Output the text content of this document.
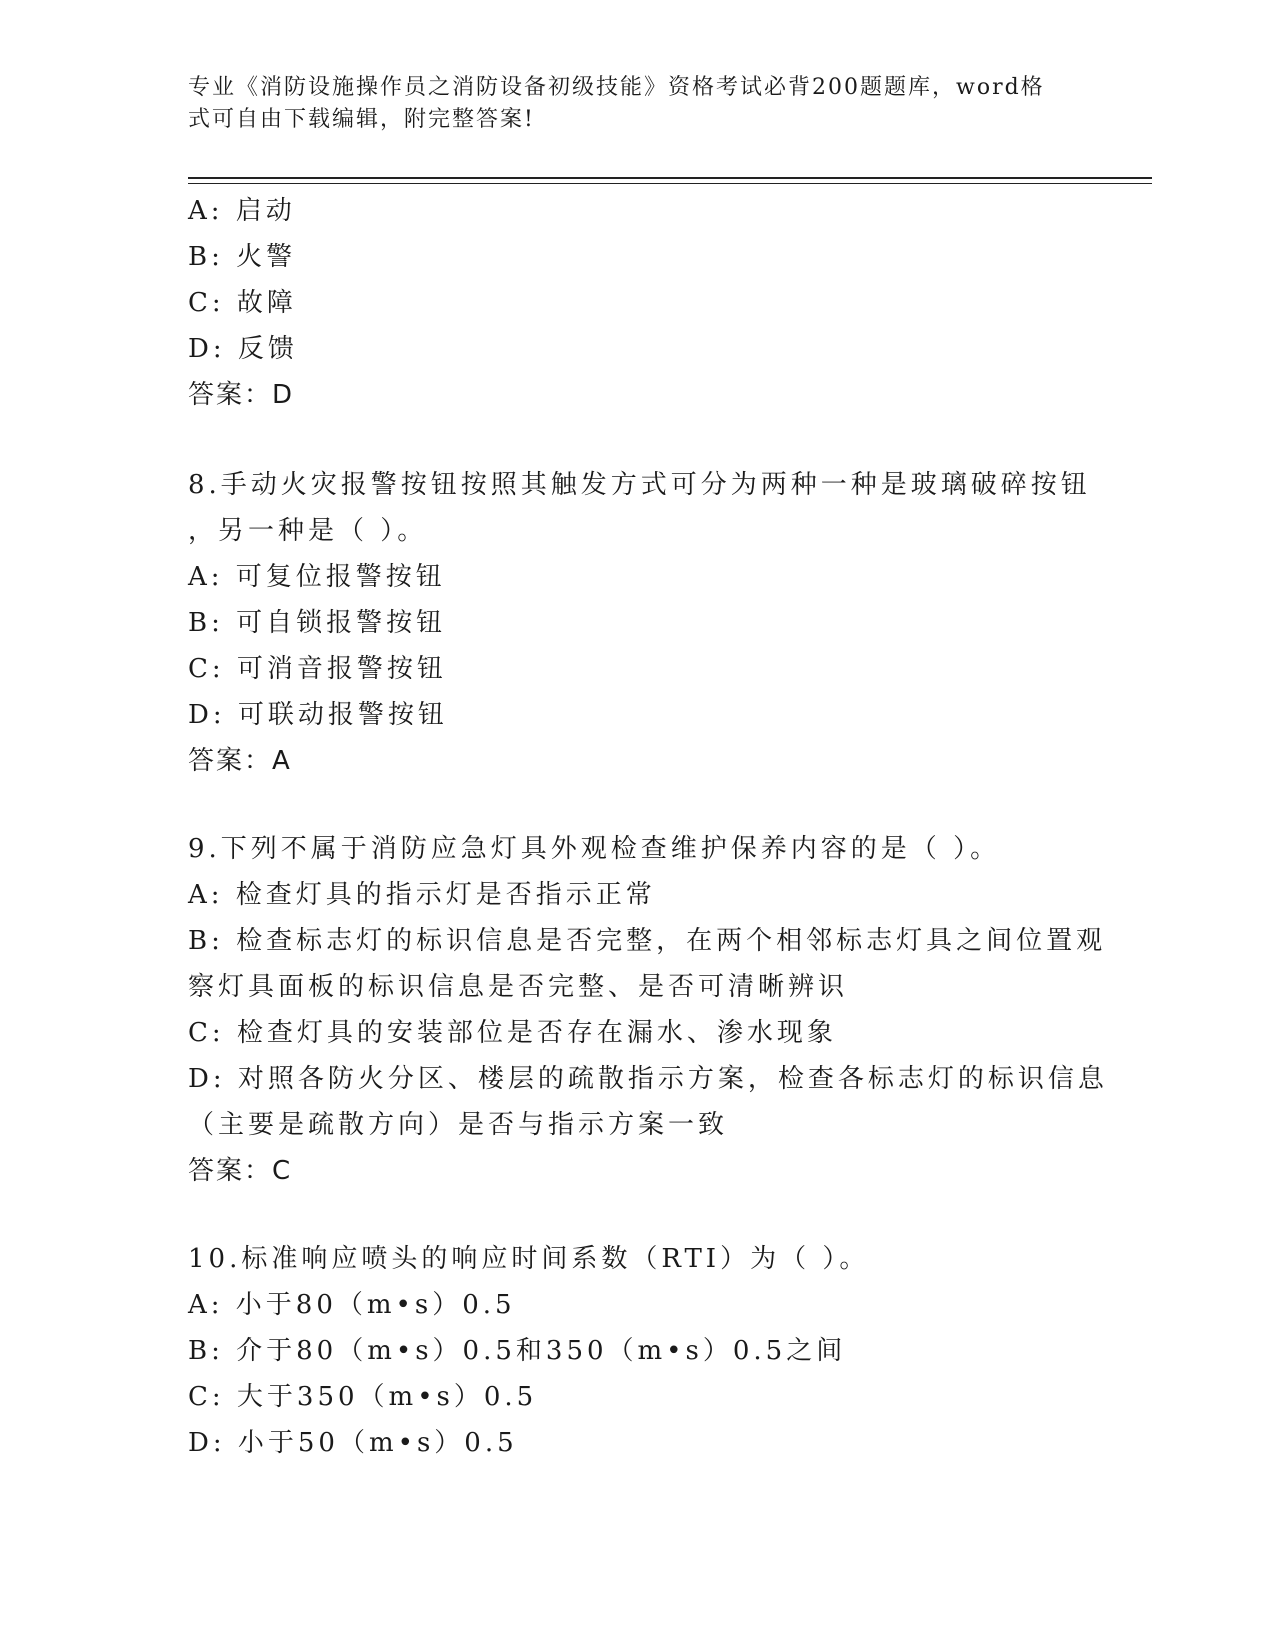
专业《消防设施操作员之消防设备初级技能》资格考试必背200题题库，word格
式可自由下载编辑，附完整答案!
A: 启动
B: 火警
C: 故障
D: 反馈
答案：D
8.手动火灾报警按钮按照其触发方式可分为两种一种是玻璃破碎按钮
，另一种是（ ）。
A: 可复位报警按钮
B: 可自锁报警按钮
C: 可消音报警按钮
D: 可联动报警按钮
答案：A
9.下列不属于消防应急灯具外观检查维护保养内容的是（ ）。
A: 检查灯具的指示灯是否指示正常
B: 检查标志灯的标识信息是否完整，在两个相邻标志灯具之间位置观
察灯具面板的标识信息是否完整、是否可清晰辨识
C: 检查灯具的安装部位是否存在漏水、渗水现象
D: 对照各防火分区、楼层的疏散指示方案，检查各标志灯的标识信息
（主要是疏散方向）是否与指示方案一致
答案：C
10.标准响应喷头的响应时间系数（RTI）为（ ）。
A: 小于80（m•s）0.5
B: 介于80（m•s）0.5和350（m•s）0.5之间
C: 大于350（m•s）0.5
D: 小于50（m•s）0.5
